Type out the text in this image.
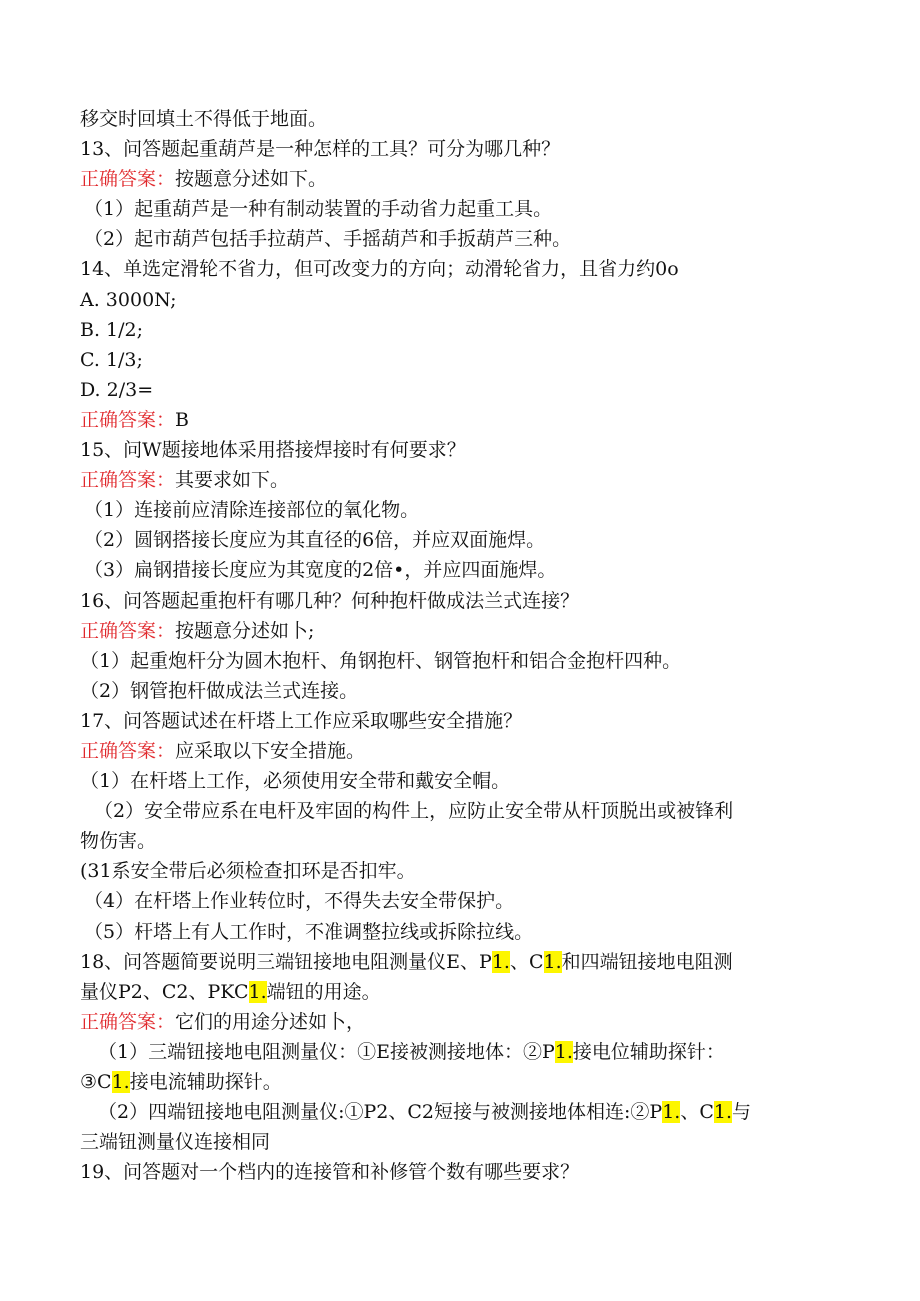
移交时回填土不得低于地面。
13、问答题起重葫芦是一种怎样的工具？可分为哪几种？
正确答案：按题意分述如下。
（1）起重葫芦是一种有制动装置的手动省力起重工具。
（2）起市葫芦包括手拉葫芦、手摇葫芦和手扳葫芦三种。
14、单选定滑轮不省力，但可改变力的方向；动滑轮省力，且省力约0o
A. 3000N;
B. 1/2;
C. 1/3;
D. 2/3=
正确答案：B
15、问W题接地体采用搭接焊接时有何要求？
正确答案：其要求如下。
（1）连接前应清除连接部位的氧化物。
（2）圆钢搭接长度应为其直径的6倍，并应双面施焊。
（3）扁钢措接长度应为其宽度的2倍•，并应四面施焊。
16、问答题起重抱杆有哪几种？何种抱杆做成法兰式连接？
正确答案：按题意分述如卜;
（1）起重炮杆分为圆木抱杆、角钢抱杆、钢管抱杆和铝合金抱杆四种。
（2）钢管抱杆做成法兰式连接。
17、问答题试述在杆塔上工作应采取哪些安全措施？
正确答案：应采取以下安全措施。
（1）在杆塔上工作，必须使用安全带和戴安全帽。
（2）安全带应系在电杆及牢固的构件上，应防止安全带从杆顶脱出或被锋利
物伤害。
(31系安全带后必须检查扣环是否扣牢。
（4）在杆塔上作业转位时，不得失去安全带保护。
（5）杆塔上有人工作时，不准调整拉线或拆除拉线。
18、问答题简要说明三端钮接地电阻测量仪E、P1.、C1.和四端钮接地电阻测
量仪P2、C2、PKC1.端钮的用途。
正确答案：它们的用途分述如卜，
（1）三端钮接地电阻测量仪：①E接被测接地体：②P1.接电位辅助探针：
③C1.接电流辅助探针。
（2）四端钮接地电阻测量仪:①P2、C2短接与被测接地体相连:②P1.、C1.与
三端钮测量仪连接相同
19、问答题对一个档内的连接管和补修管个数有哪些要求？
